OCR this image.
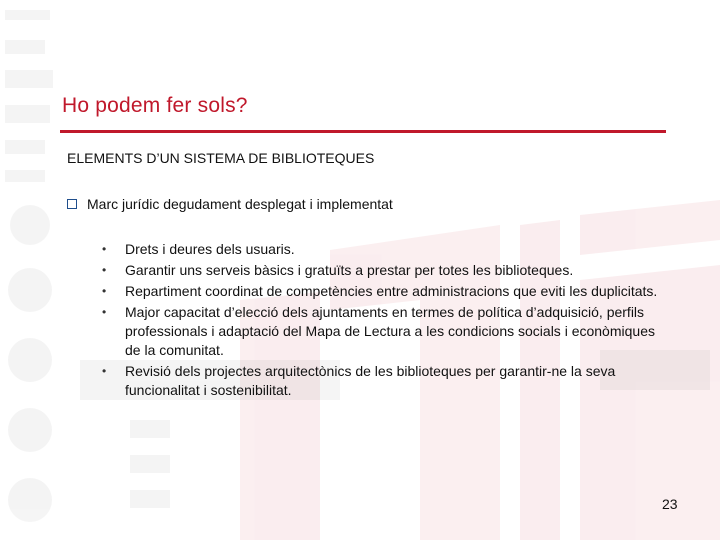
Ho podem fer sols?
ELEMENTS D’UN SISTEMA DE BIBLIOTEQUES
Marc jurídic degudament desplegat i implementat
• Drets i deures dels usuaris.
• Garantir uns serveis bàsics i gratuïts a prestar per totes les biblioteques.
• Repartiment coordinat de competències entre administracions que eviti les duplicitats.
• Major capacitat d’elecció dels ajuntaments en termes de política d’adquisició, perfils professionals i adaptació del Mapa de Lectura a les condicions socials i econòmiques de la comunitat.
• Revisió dels projectes arquitectònics de les biblioteques per garantir-ne la seva funcionalitat i sostenibilitat.
23
